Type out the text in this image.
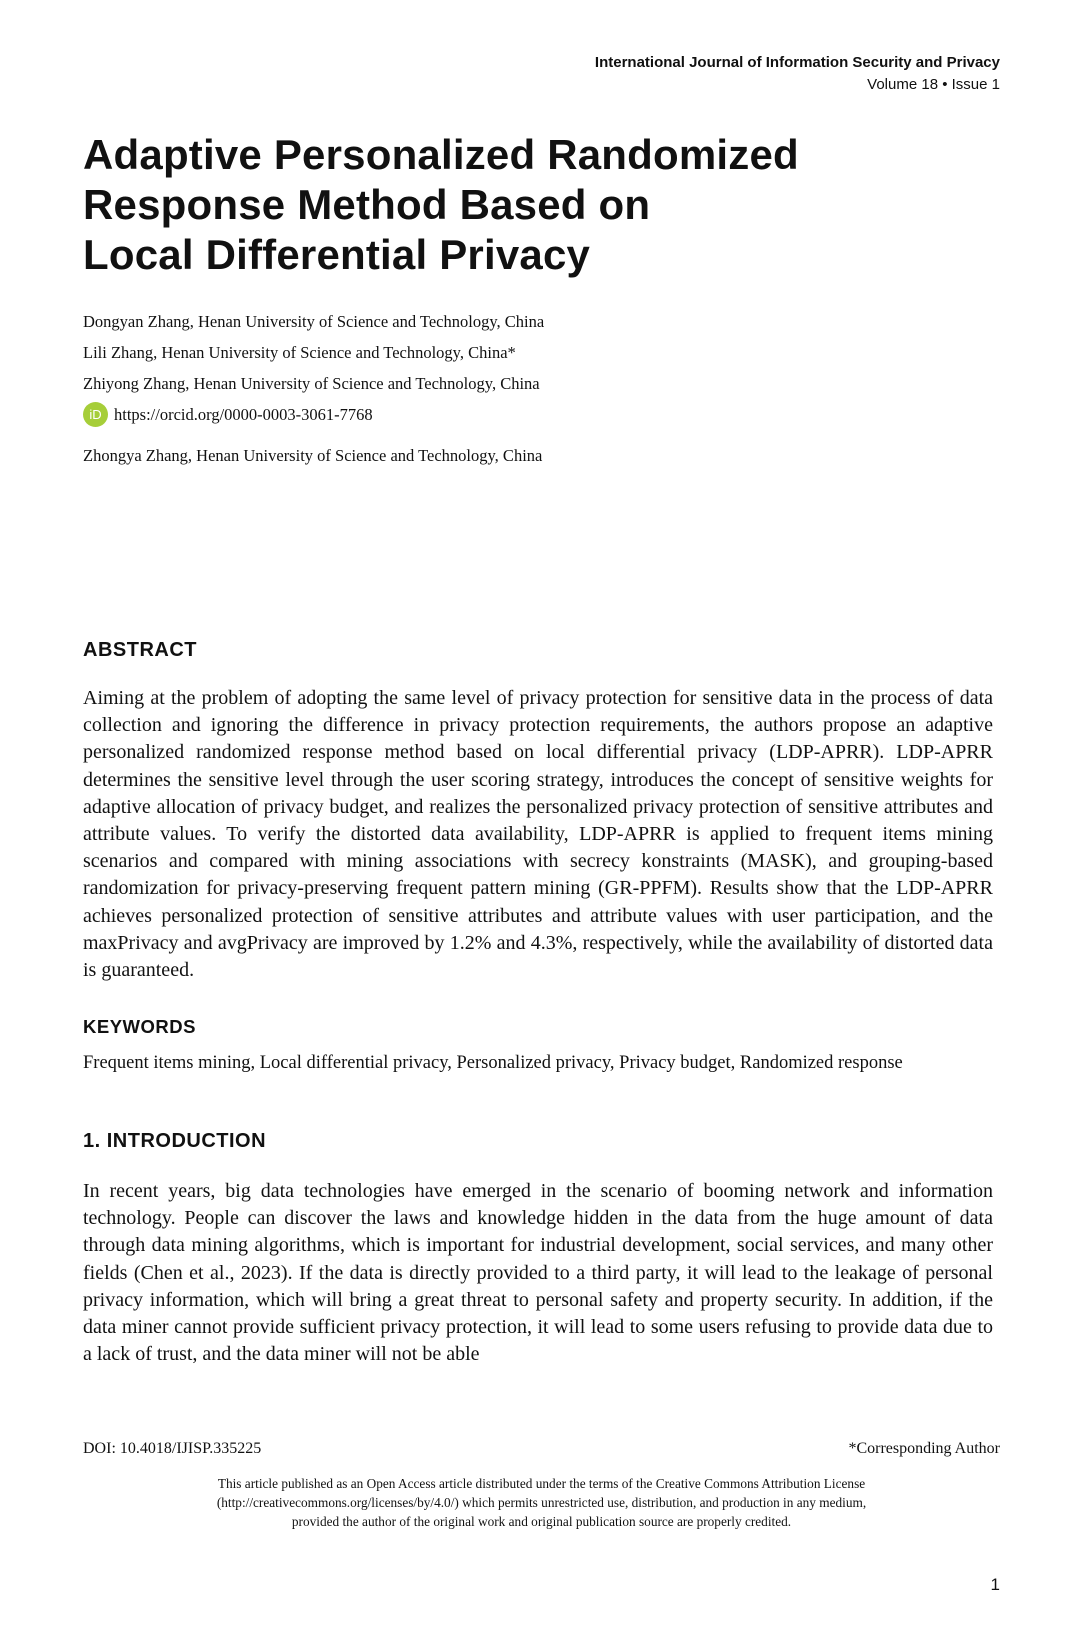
International Journal of Information Security and Privacy
Volume 18 • Issue 1
Adaptive Personalized Randomized
Response Method Based on
Local Differential Privacy
Dongyan Zhang, Henan University of Science and Technology, China
Lili Zhang, Henan University of Science and Technology, China*
Zhiyong Zhang, Henan University of Science and Technology, China
iD https://orcid.org/0000-0003-3061-7768
Zhongya Zhang, Henan University of Science and Technology, China
ABSTRACT

Aiming at the problem of adopting the same level of privacy protection for sensitive data in the process of data collection and ignoring the difference in privacy protection requirements, the authors propose an adaptive personalized randomized response method based on local differential privacy (LDP-APRR). LDP-APRR determines the sensitive level through the user scoring strategy, introduces the concept of sensitive weights for adaptive allocation of privacy budget, and realizes the personalized privacy protection of sensitive attributes and attribute values. To verify the distorted data availability, LDP-APRR is applied to frequent items mining scenarios and compared with mining associations with secrecy konstraints (MASK), and grouping-based randomization for privacy-preserving frequent pattern mining (GR-PPFM). Results show that the LDP-APRR achieves personalized protection of sensitive attributes and attribute values with user participation, and the maxPrivacy and avgPrivacy are improved by 1.2% and 4.3%, respectively, while the availability of distorted data is guaranteed.

KEYWORDS

Frequent items mining, Local differential privacy, Personalized privacy, Privacy budget, Randomized response

1. INTRODUCTION

In recent years, big data technologies have emerged in the scenario of booming network and information technology. People can discover the laws and knowledge hidden in the data from the huge amount of data through data mining algorithms, which is important for industrial development, social services, and many other fields (Chen et al., 2023). If the data is directly provided to a third party, it will lead to the leakage of personal privacy information, which will bring a great threat to personal safety and property security. In addition, if the data miner cannot provide sufficient privacy protection, it will lead to some users refusing to provide data due to a lack of trust, and the data miner will not be able

DOI: 10.4018/IJISP.335225	*Corresponding Author
This article published as an Open Access article distributed under the terms of the Creative Commons Attribution License
(http://creativecommons.org/licenses/by/4.0/) which permits unrestricted use, distribution, and production in any medium,
provided the author of the original work and original publication source are properly credited.
1
